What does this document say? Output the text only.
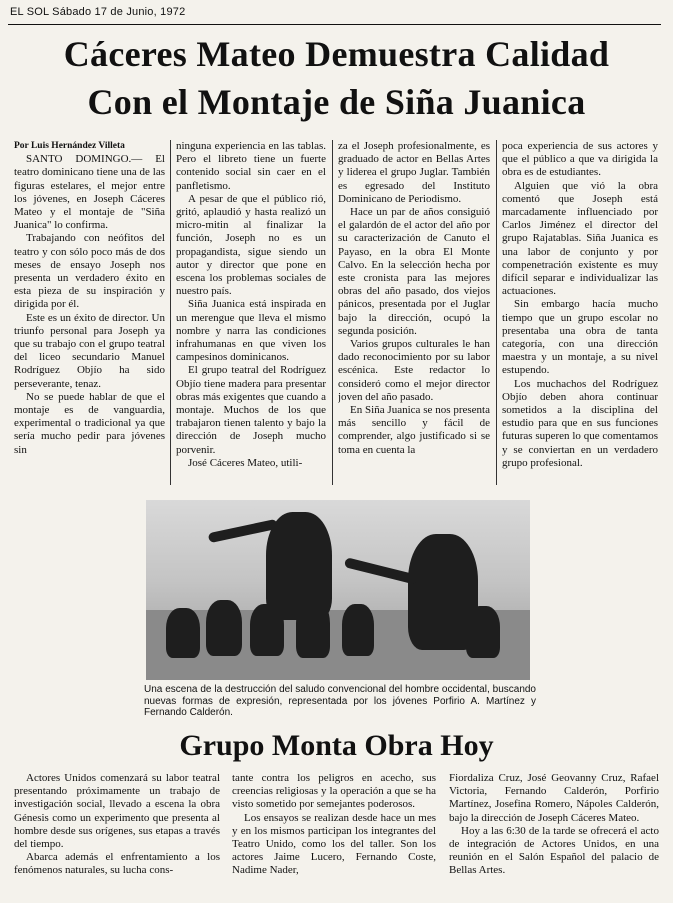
EL SOL Sábado 17 de Junio, 1972
Cáceres Mateo Demuestra Calidad
Con el Montaje de Siña Juanica

Por Luis Hernández Villeta

SANTO DOMINGO.— El teatro dominicano tiene una de las figuras estelares, el mejor entre los jóvenes, en Joseph Cáceres Mateo y el montaje de "Siña Juanica" lo confirma.

Trabajando con neófitos del teatro y con sólo poco más de dos meses de ensayo Joseph nos presenta un verdadero éxito en esta pieza de su inspiración y dirigida por él.

Este es un éxito de director. Un triunfo personal para Joseph ya que su trabajo con el grupo teatral del liceo secundario Manuel Rodríguez Objío ha sido perseverante, tenaz.

No se puede hablar de que el montaje es de vanguardia, experimental o tradicional ya que sería mucho pedir para jóvenes sin

ninguna experiencia en las tablas. Pero el libreto tiene un fuerte contenido social sin caer en el panfletismo.

A pesar de que el público rió, gritó, aplaudió y hasta realizó un micro-mitin al finalizar la función, Joseph no es un propagandista, sigue siendo un autor y director que pone en escena los problemas sociales de nuestro país.

Siña Juanica está inspirada en un merengue que lleva el mismo nombre y narra las condiciones infrahumanas en que viven los campesinos dominicanos.

El grupo teatral del Rodríguez Objío tiene madera para presentar obras más exigentes que cuando a montaje. Muchos de los que trabajaron tienen talento y bajo la dirección de Joseph mucho porvenir.

José Cáceres Mateo, utili-

za el Joseph profesionalmente, es graduado de actor en Bellas Artes y liderea el grupo Juglar. También es egresado del Instituto Dominicano de Periodismo.

Hace un par de años consiguió el galardón de el actor del año por su caracterización de Canuto el Payaso, en la obra El Monte Calvo. En la selección hecha por este cronista para las mejores obras del año pasado, dos viejos pánicos, presentada por el Juglar bajo la dirección, ocupó la segunda posición.

Varios grupos culturales le han dado reconocimiento por su labor escénica. Este redactor lo consideró como el mejor director joven del año pasado.

En Siña Juanica se nos presenta más sencillo y fácil de comprender, algo justificado si se toma en cuenta la

poca experiencia de sus actores y que el público a que va dirigida la obra es de estudiantes.

Alguien que vió la obra comentó que Joseph está marcadamente influenciado por Carlos Jiménez el director del grupo Rajatablas. Siña Juanica es una labor de conjunto y por compenetración existente es muy difícil separar e individualizar las actuaciones.

Sin embargo hacía mucho tiempo que un grupo escolar no presentaba una obra de tanta categoría, con una dirección maestra y un montaje, a su nivel estupendo.

Los muchachos del Rodríguez Objío deben ahora continuar sometidos a la disciplina del estudio para que en sus funciones futuras superen lo que comentamos y se conviertan en un verdadero grupo profesional.

Una escena de la destrucción del saludo convencional del hombre occidental, buscando nuevas formas de expresión, representada por los jóvenes Porfirio A. Martínez y Fernando Calderón.
Grupo Monta Obra Hoy

Actores Unidos comenzará su labor teatral presentando próximamente un trabajo de investigación social, llevado a escena la obra Génesis como un experimento que presenta al hombre desde sus orígenes, sus etapas a través del tiempo.

Abarca además el enfrentamiento a los fenómenos naturales, su lucha cons-

tante contra los peligros en acecho, sus creencias religiosas y la operación a que se ha visto sometido por semejantes poderosos.

Los ensayos se realizan desde hace un mes y en los mismos participan los integrantes del Teatro Unido, como los del taller. Son los actores Jaime Lucero, Fernando Coste, Nadime Nader,

Fiordaliza Cruz, José Geovanny Cruz, Rafael Victoria, Fernando Calderón, Porfirio Martínez, Josefina Romero, Nápoles Calderón, bajo la dirección de Joseph Cáceres Mateo.

Hoy a las 6:30 de la tarde se ofrecerá el acto de integración de Actores Unidos, en una reunión en el Salón Español del palacio de Bellas Artes.
